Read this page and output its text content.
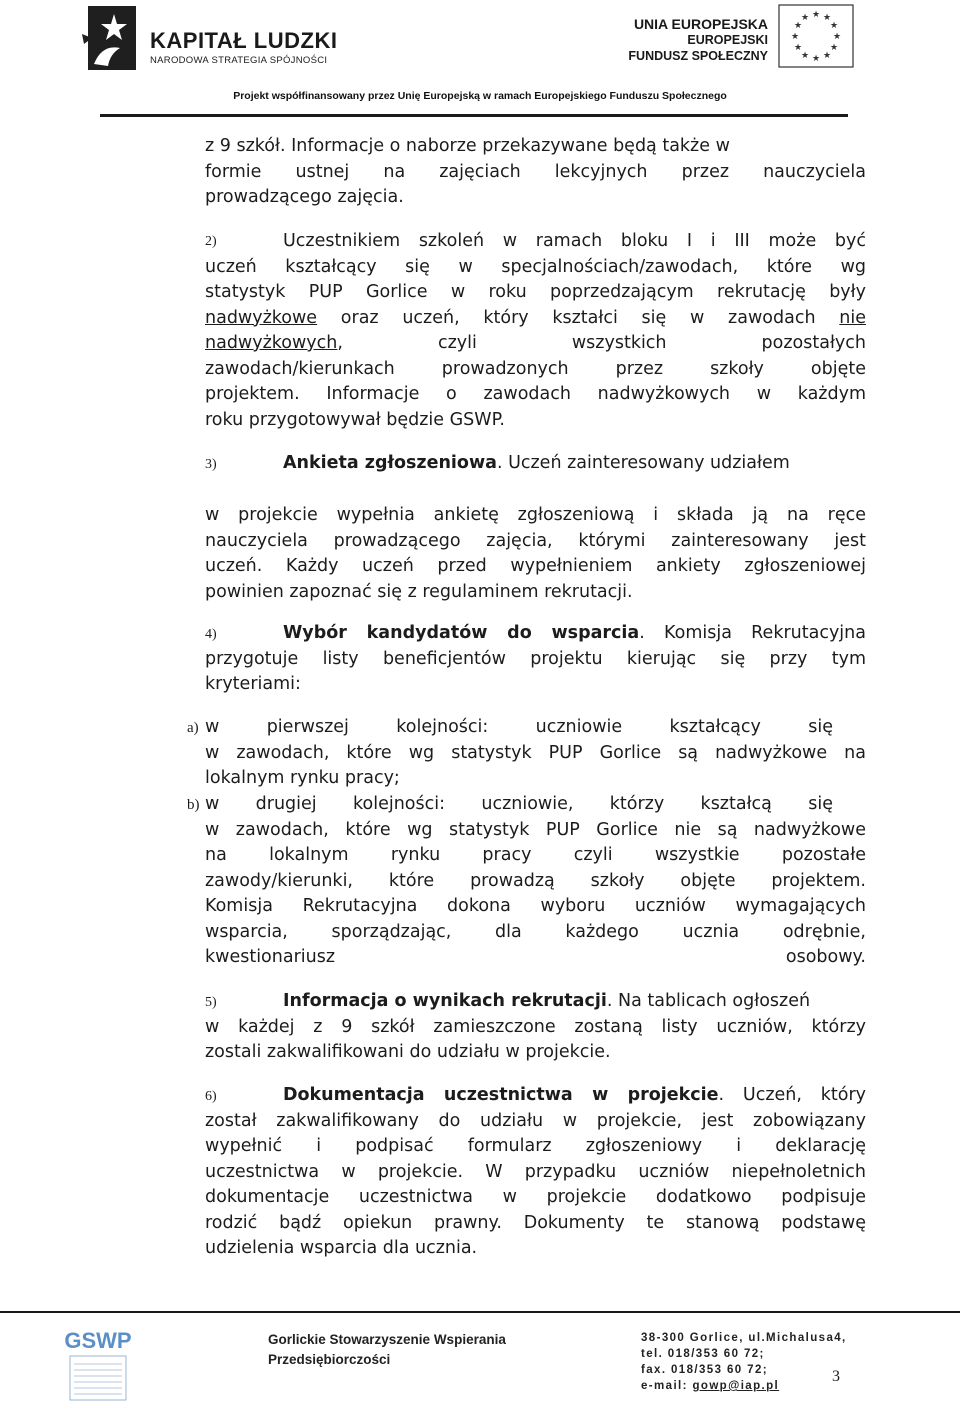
KAPITAŁ LUDZKI
NARODOWA STRATEGIA SPÓJNOŚCI
UNIA EUROPEJSKA
EUROPEJSKI
FUNDUSZ SPOŁECZNY
★ ★
★
★
★
★
★
★
★
★
★
★
Projekt współfinansowany przez Unię Europejską w ramach Europejskiego Funduszu Społecznego
z 9 szkół. Informacje o naborze przekazywane będą także w
formie ustnej na zajęciach lekcyjnych przez nauczyciela
prowadzącego zajęcia.
2)	Uczestnikiem szkoleń w ramach bloku I i III może być
uczeń kształcący się w specjalnościach/zawodach, które wg
statystyk PUP Gorlice w roku poprzedzającym rekrutację były
nadwyżkowe oraz uczeń, który kształci się w zawodach nie
nadwyżkowych, czyli wszystkich pozostałych
zawodach/kierunkach prowadzonych przez szkoły objęte
projektem. Informacje o zawodach nadwyżkowych w każdym
roku przygotowywał będzie GSWP.
3)	Ankieta zgłoszeniowa. Uczeń zainteresowany udziałem
w projekcie wypełnia ankietę zgłoszeniową i składa ją na ręce
nauczyciela prowadzącego zajęcia, którymi zainteresowany jest
uczeń. Każdy uczeń przed wypełnieniem ankiety zgłoszeniowej
powinien zapoznać się z regulaminem rekrutacji.
4)	Wybór kandydatów do wsparcia. Komisja Rekrutacyjna
przygotuje listy beneficjentów projektu kierując się przy tym
kryteriami:
a) w pierwszej kolejności: uczniowie kształcący się
w zawodach, które wg statystyk PUP Gorlice są nadwyżkowe na
lokalnym rynku pracy;
b) w drugiej kolejności: uczniowie, którzy kształcą się
w zawodach, które wg statystyk PUP Gorlice nie są nadwyżkowe
na lokalnym rynku pracy czyli wszystkie pozostałe
zawody/kierunki, które prowadzą szkoły objęte projektem.
Komisja Rekrutacyjna dokona wyboru uczniów wymagających
wsparcia, sporządzając, dla każdego ucznia odrębnie,
kwestionariusz osobowy.
5)	Informacja o wynikach rekrutacji. Na tablicach ogłoszeń
w każdej z 9 szkół zamieszczone zostaną listy uczniów, którzy
zostali zakwalifikowani do udziału w projekcie.
6)	Dokumentacja uczestnictwa w projekcie. Uczeń, który
został zakwalifikowany do udziału w projekcie, jest zobowiązany
wypełnić i podpisać formularz zgłoszeniowy i deklarację
uczestnictwa w projekcie. W przypadku uczniów niepełnoletnich
dokumentacje uczestnictwa w projekcie dodatkowo podpisuje
rodzić bądź opiekun prawny. Dokumenty te stanową podstawę
udzielenia wsparcia dla ucznia.
GSWP	Gorlickie Stowarzyszenie Wspierania
Przedsiębiorczości
38-300 Gorlice, ul.Michalusa4,
tel. 018/353 60 72;
fax. 018/353 60 72;
e-mail: gowp@iap.pl
3
